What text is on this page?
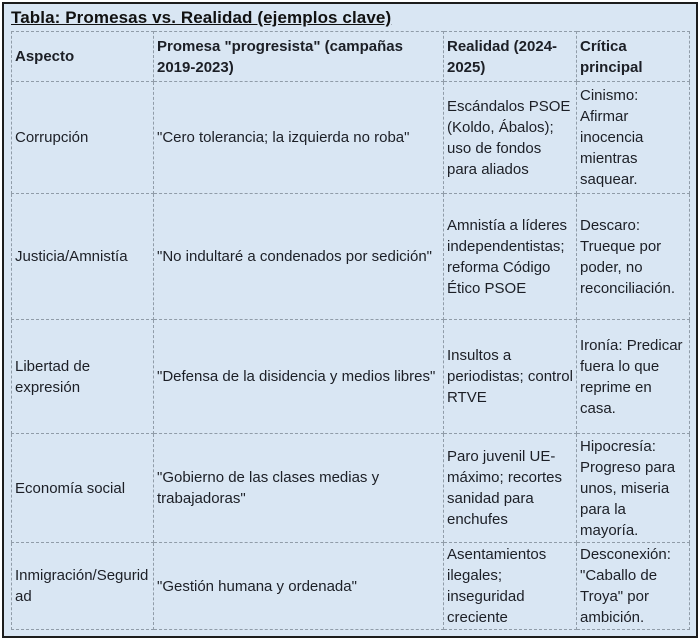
Tabla: Promesas vs. Realidad (ejemplos clave)
Aspecto	Promesa "progresista" (campañas 2019-2023)	Realidad (2024-2025)	Crítica principal
Corrupción	"Cero tolerancia; la izquierda no roba"	Escándalos PSOE (Koldo, Ábalos); uso de fondos para aliados	Cinismo: Afirmar inocencia mientras saquear.
Justicia/Amnistía	"No indultaré a condenados por sedición"	Amnistía a líderes independentistas; reforma Código Ético PSOE	Descaro: Trueque por poder, no reconciliación.
Libertad de expresión	"Defensa de la disidencia y medios libres"	Insultos a periodistas; control RTVE	Ironía: Predicar fuera lo que reprime en casa.
Economía social	"Gobierno de las clases medias y trabajadoras"	Paro juvenil UE-máximo; recortes sanidad para enchufes	Hipocresía: Progreso para unos, miseria para la mayoría.
Inmigración/Seguridad	"Gestión humana y ordenada"	Asentamientos ilegales; inseguridad creciente	Desconexión: "Caballo de Troya" por ambición.
